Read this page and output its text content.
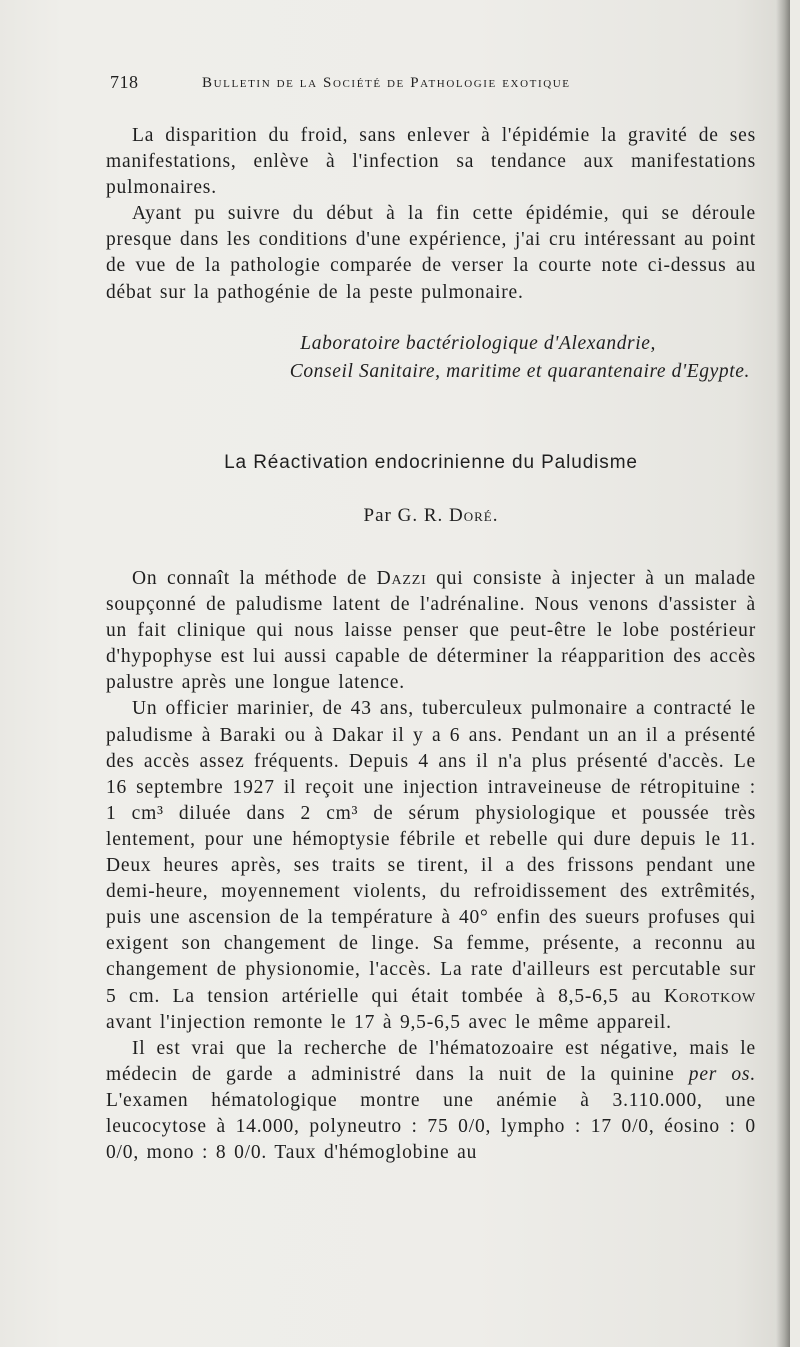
718	Bulletin de la Société de Pathologie exotique

La disparition du froid, sans enlever à l'épidémie la gravité de ses manifestations, enlève à l'infection sa tendance aux manifestations pulmonaires.

Ayant pu suivre du début à la fin cette épidémie, qui se déroule presque dans les conditions d'une expérience, j'ai cru intéressant au point de vue de la pathologie comparée de verser la courte note ci-dessus au débat sur la pathogénie de la peste pulmonaire.

Laboratoire bactériologique d'Alexandrie,
Conseil Sanitaire, maritime et quarantenaire d'Egypte.
La Réactivation endocrinienne du Paludisme
Par G. R. Doré.

On connaît la méthode de Dazzi qui consiste à injecter à un malade soupçonné de paludisme latent de l'adrénaline. Nous venons d'assister à un fait clinique qui nous laisse penser que peut-être le lobe postérieur d'hypophyse est lui aussi capable de déterminer la réapparition des accès palustre après une longue latence.

Un officier marinier, de 43 ans, tuberculeux pulmonaire a contracté le paludisme à Baraki ou à Dakar il y a 6 ans. Pendant un an il a présenté des accès assez fréquents. Depuis 4 ans il n'a plus présenté d'accès. Le 16 septembre 1927 il reçoit une injection intraveineuse de rétropituine : 1 cm³ diluée dans 2 cm³ de sérum physiologique et poussée très lentement, pour une hémoptysie fébrile et rebelle qui dure depuis le 11. Deux heures après, ses traits se tirent, il a des frissons pendant une demi-heure, moyennement violents, du refroidissement des extrêmités, puis une ascension de la température à 40° enfin des sueurs profuses qui exigent son changement de linge. Sa femme, présente, a reconnu au changement de physionomie, l'accès. La rate d'ailleurs est percutable sur 5 cm. La tension artérielle qui était tombée à 8,5-6,5 au Korotkow avant l'injection remonte le 17 à 9,5-6,5 avec le même appareil.

Il est vrai que la recherche de l'hématozoaire est négative, mais le médecin de garde a administré dans la nuit de la quinine per os. L'examen hématologique montre une anémie à 3.110.000, une leucocytose à 14.000, polyneutro : 75 0/0, lympho : 17 0/0, éosino : 0 0/0, mono : 8 0/0. Taux d'hémoglobine au
